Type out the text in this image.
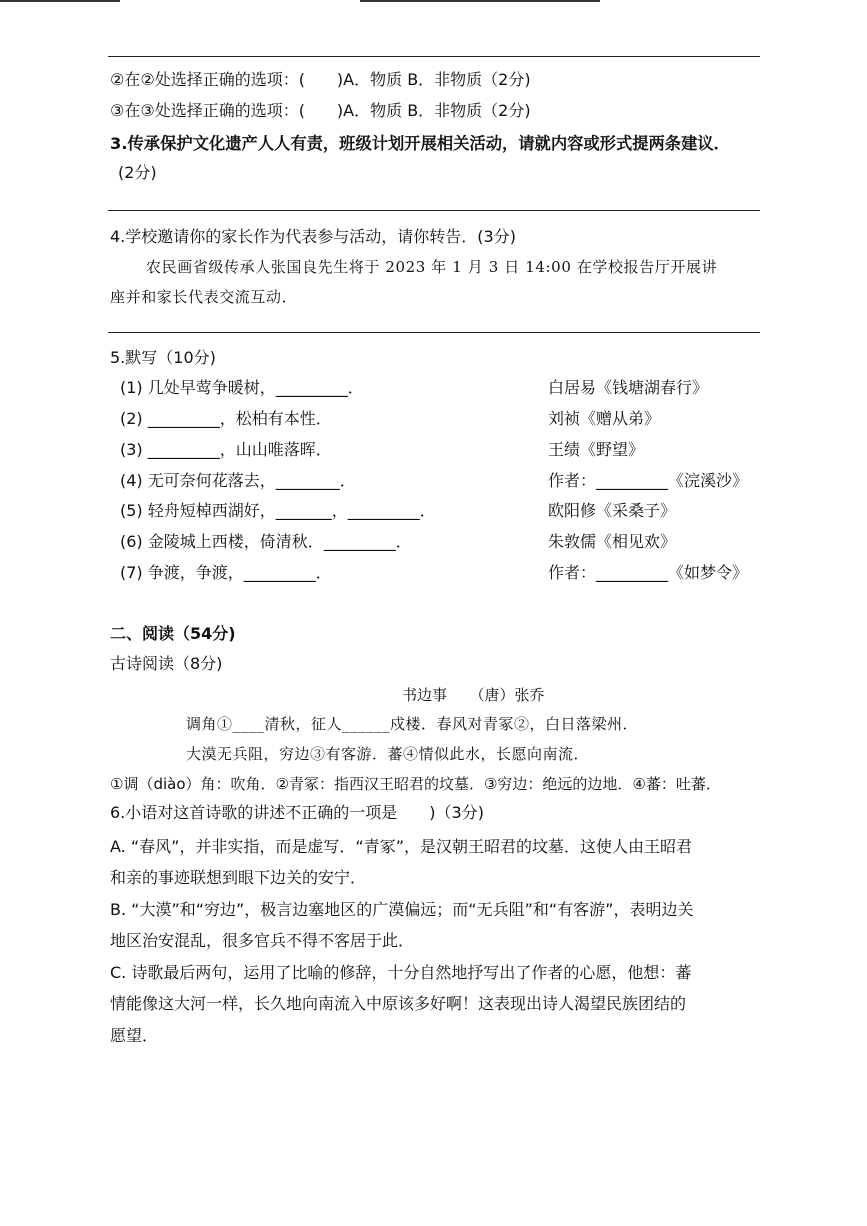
②在②处选择正确的选项：(　　)A．物质 B．非物质（2分)
③在③处选择正确的选项：(　　)A．物质 B．非物质（2分)
3.传承保护文化遗产人人有责，班级计划开展相关活动，请就内容或形式提两条建议．
(2分)
4.学校邀请你的家长作为代表参与活动，请你转告．(3分)
农民画省级传承人张国良先生将于 2023 年 1 月 3 日 14:00 在学校报告厅开展讲
座并和家长代表交流互动．
5.默写（10分)
(1) 几处早莺争暖树，_________．	白居易《钱塘湖春行》
(2) _________，松柏有本性．	刘祯《赠从弟》
(3) _________，山山唯落晖．	王绩《野望》
(4) 无可奈何花落去，________．	作者：_________《浣溪沙》
(5) 轻舟短棹西湖好，_______，_________．	欧阳修《采桑子》
(6) 金陵城上西楼，倚清秋．_________．	朱敦儒《相见欢》
(7) 争渡，争渡，_________．	作者：_________《如梦令》
二、阅读（54分)
古诗阅读（8分)
书边事　　（唐）张乔
调角①____清秋，征人______戍楼．春风对青冢②，白日落梁州．
大漠无兵阻，穷边③有客游．蕃④情似此水，长愿向南流．
①调（diào）角：吹角．②青冢：指西汉王昭君的坟墓．③穷边：绝远的边地．④蕃：吐蕃．
6.小语对这首诗歌的讲述不正确的一项是　　)（3分)
A. “春风”，并非实指，而是虚写．“青冢”，是汉朝王昭君的坟墓．这使人由王昭君
和亲的事迹联想到眼下边关的安宁．
B. “大漠”和“穷边”，极言边塞地区的广漠偏远；而“无兵阻”和“有客游”，表明边关
地区治安混乱，很多官兵不得不客居于此．
C. 诗歌最后两句，运用了比喻的修辞，十分自然地抒写出了作者的心愿，他想：蕃
情能像这大河一样，长久地向南流入中原该多好啊！这表现出诗人渴望民族团结的
愿望．
